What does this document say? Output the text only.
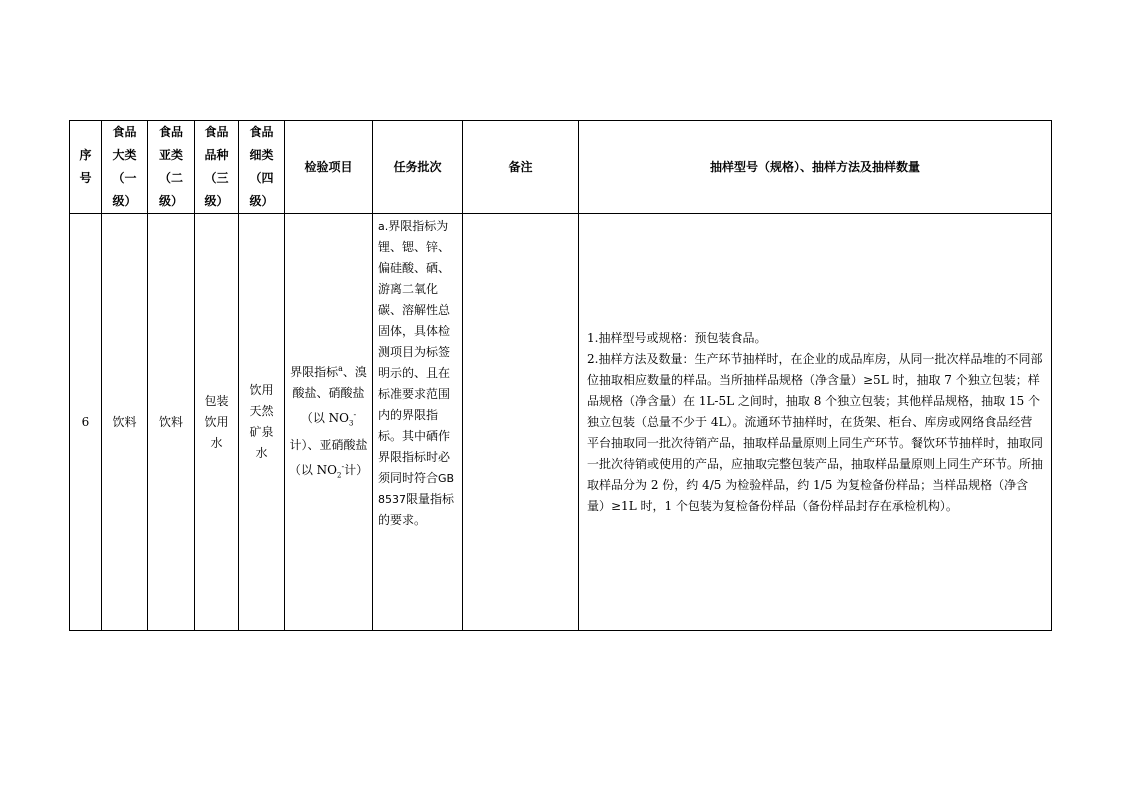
序号	食品大类（一级）	食品亚类（二级）	食品品种（三级）	食品细类（四级）	检验项目	任务批次	备注	抽样型号（规格）、抽样方法及抽样数量
6	饮料	饮料	包装饮用水	饮用天然矿泉水	界限指标$^a$、溴酸盐、硝酸盐（以 $NO_3^-$计）、亚硝酸盐（以 $NO_2^-$计）	a.界限指标为锂、锶、锌、偏硅酸、硒、游离二氧化碳、溶解性总固体，具体检测项目为标签明示的、且在标准要求范围内的界限指标。其中硒作界限指标时必须同时符合GB8537限量指标的要求。		1.抽样型号或规格：预包装食品。

2.抽样方法及数量：生产环节抽样时，在企业的成品库房，从同一批次样品堆的不同部位抽取相应数量的样品。当所抽样品规格（净含量）≥5L 时，抽取 7 个独立包装；样品规格（净含量）在 1L-5L 之间时，抽取 8 个独立包装；其他样品规格，抽取 15 个独立包装（总量不少于 4L）。流通环节抽样时，在货架、柜台、库房或网络食品经营平台抽取同一批次待销产品，抽取样品量原则上同生产环节。餐饮环节抽样时，抽取同一批次待销或使用的产品，应抽取完整包装产品，抽取样品量原则上同生产环节。所抽取样品分为 2 份，约 4/5 为检验样品，约 1/5 为复检备份样品；当样品规格（净含量）≥1L 时，1 个包装为复检备份样品（备份样品封存在承检机构）。
